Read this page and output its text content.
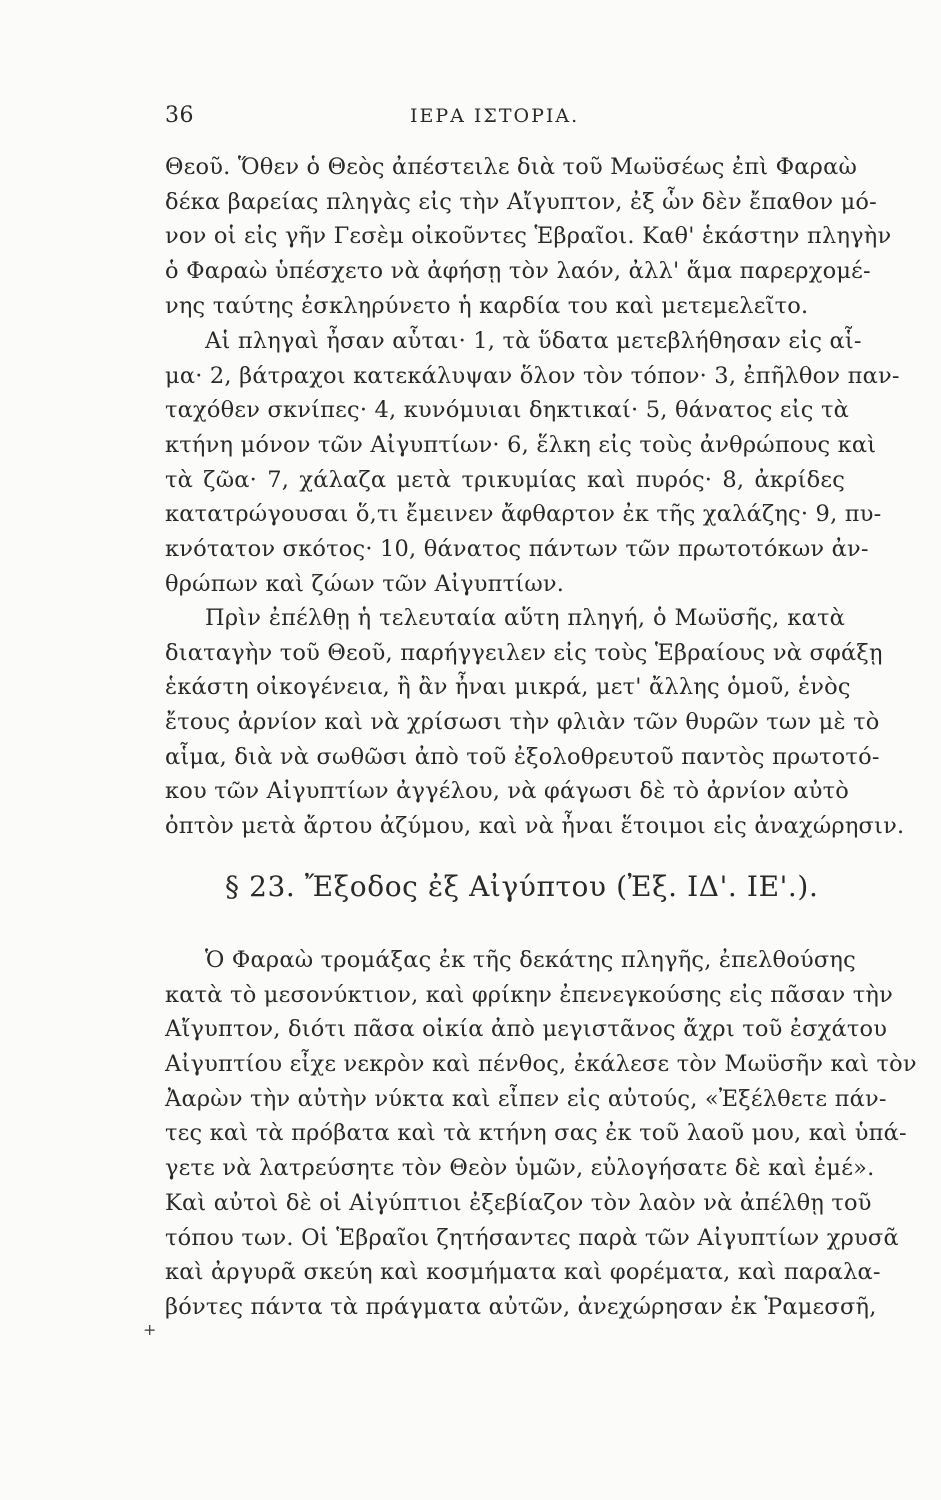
36	ΙΕΡΑ ΙΣΤΟΡΙΑ.
Θεοῦ. Ὅθεν ὁ Θεὸς ἀπέστειλε διὰ τοῦ Μωϋσέως ἐπὶ Φαραὼ
δέκα βαρείας πληγὰς εἰς τὴν Αἴγυπτον, ἐξ ὧν δὲν ἔπαθον μό-
νον οἱ εἰς γῆν Γεσὲμ οἰκοῦντες Ἑβραῖοι. Καθ' ἑκάστην πληγὴν
ὁ Φαραὼ ὑπέσχετο νὰ ἀφήσῃ τὸν λαόν, ἀλλ' ἅμα παρερχομέ-
νης ταύτης ἐσκληρύνετο ἡ καρδία του καὶ μετεμελεῖτο.
Αἱ πληγαὶ ἦσαν αὗται· 1, τὰ ὕδατα μετεβλήθησαν εἰς αἷ-
μα· 2, βάτραχοι κατεκάλυψαν ὅλον τὸν τόπον· 3, ἐπῆλθον παν-
ταχόθεν σκνίπες· 4, κυνόμυιαι δηκτικαί· 5, θάνατος εἰς τὰ
κτήνη μόνον τῶν Αἰγυπτίων· 6, ἕλκη εἰς τοὺς ἀνθρώπους καὶ
τὰ ζῶα· 7, χάλαζα μετὰ τρικυμίας καὶ πυρός· 8, ἀκρίδες
κατατρώγουσαι ὅ,τι ἔμεινεν ἄφθαρτον ἐκ τῆς χαλάζης· 9, πυ-
κνότατον σκότος· 10, θάνατος πάντων τῶν πρωτοτόκων ἀν-
θρώπων καὶ ζώων τῶν Αἰγυπτίων.
Πρὶν ἐπέλθῃ ἡ τελευταία αὕτη πληγή, ὁ Μωϋσῆς, κατὰ
διαταγὴν τοῦ Θεοῦ, παρήγγειλεν εἰς τοὺς Ἑβραίους νὰ σφάξῃ
ἑκάστη οἰκογένεια, ἢ ἂν ἦναι μικρά, μετ' ἄλλης ὁμοῦ, ἑνὸς
ἔτους ἀρνίον καὶ νὰ χρίσωσι τὴν φλιὰν τῶν θυρῶν των μὲ τὸ
αἷμα, διὰ νὰ σωθῶσι ἀπὸ τοῦ ἐξολοθρευτοῦ παντὸς πρωτοτό-
κου τῶν Αἰγυπτίων ἀγγέλου, νὰ φάγωσι δὲ τὸ ἀρνίον αὐτὸ
ὀπτὸν μετὰ ἄρτου ἀζύμου, καὶ νὰ ἦναι ἕτοιμοι εἰς ἀναχώρησιν.
§ 23. Ἔξοδος ἐξ Αἰγύπτου (Ἐξ. ΙΔ'. ΙΕ'.).
Ὁ Φαραὼ τρομάξας ἐκ τῆς δεκάτης πληγῆς, ἐπελθούσης
κατὰ τὸ μεσονύκτιον, καὶ φρίκην ἐπενεγκούσης εἰς πᾶσαν τὴν
Αἴγυπτον, διότι πᾶσα οἰκία ἀπὸ μεγιστᾶνος ἄχρι τοῦ ἐσχάτου
Αἰγυπτίου εἶχε νεκρὸν καὶ πένθος, ἐκάλεσε τὸν Μωϋσῆν καὶ τὸν
Ἀαρὼν τὴν αὐτὴν νύκτα καὶ εἶπεν εἰς αὐτούς, «Ἐξέλθετε πάν-
τες καὶ τὰ πρόβατα καὶ τὰ κτήνη σας ἐκ τοῦ λαοῦ μου, καὶ ὑπά-
γετε νὰ λατρεύσητε τὸν Θεὸν ὑμῶν, εὐλογήσατε δὲ καὶ ἐμέ».
Καὶ αὐτοὶ δὲ οἱ Αἰγύπτιοι ἐξεβίαζον τὸν λαὸν νὰ ἀπέλθῃ τοῦ
τόπου των. Οἱ Ἑβραῖοι ζητήσαντες παρὰ τῶν Αἰγυπτίων χρυσᾶ
καὶ ἀργυρᾶ σκεύη καὶ κοσμήματα καὶ φορέματα, καὶ παραλα-
βόντες πάντα τὰ πράγματα αὐτῶν, ἀνεχώρησαν ἐκ Ῥαμεσσῆ,
+
